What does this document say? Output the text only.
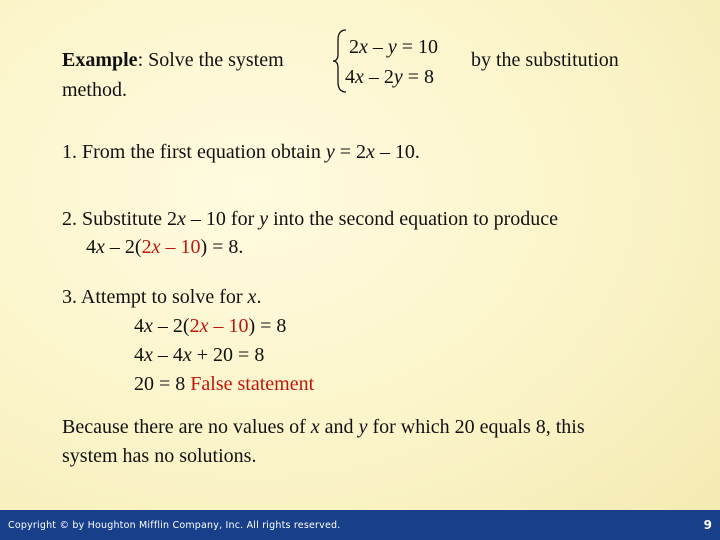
Example: Solve the system
method.
2x – y = 10
4x – 2y = 8
by the substitution
1. From the first equation obtain y = 2x – 10.
2. Substitute 2x – 10 for y into the second equation to produce
4x – 2(2x – 10) = 8.
3. Attempt to solve for x.
4x – 2(2x – 10) = 8
4x – 4x + 20 = 8
20 = 8 False statement
Because there are no values of x and y for which 20 equals 8, this
system has no solutions.
Copyright © by Houghton Mifflin Company, Inc. All rights reserved.	9
